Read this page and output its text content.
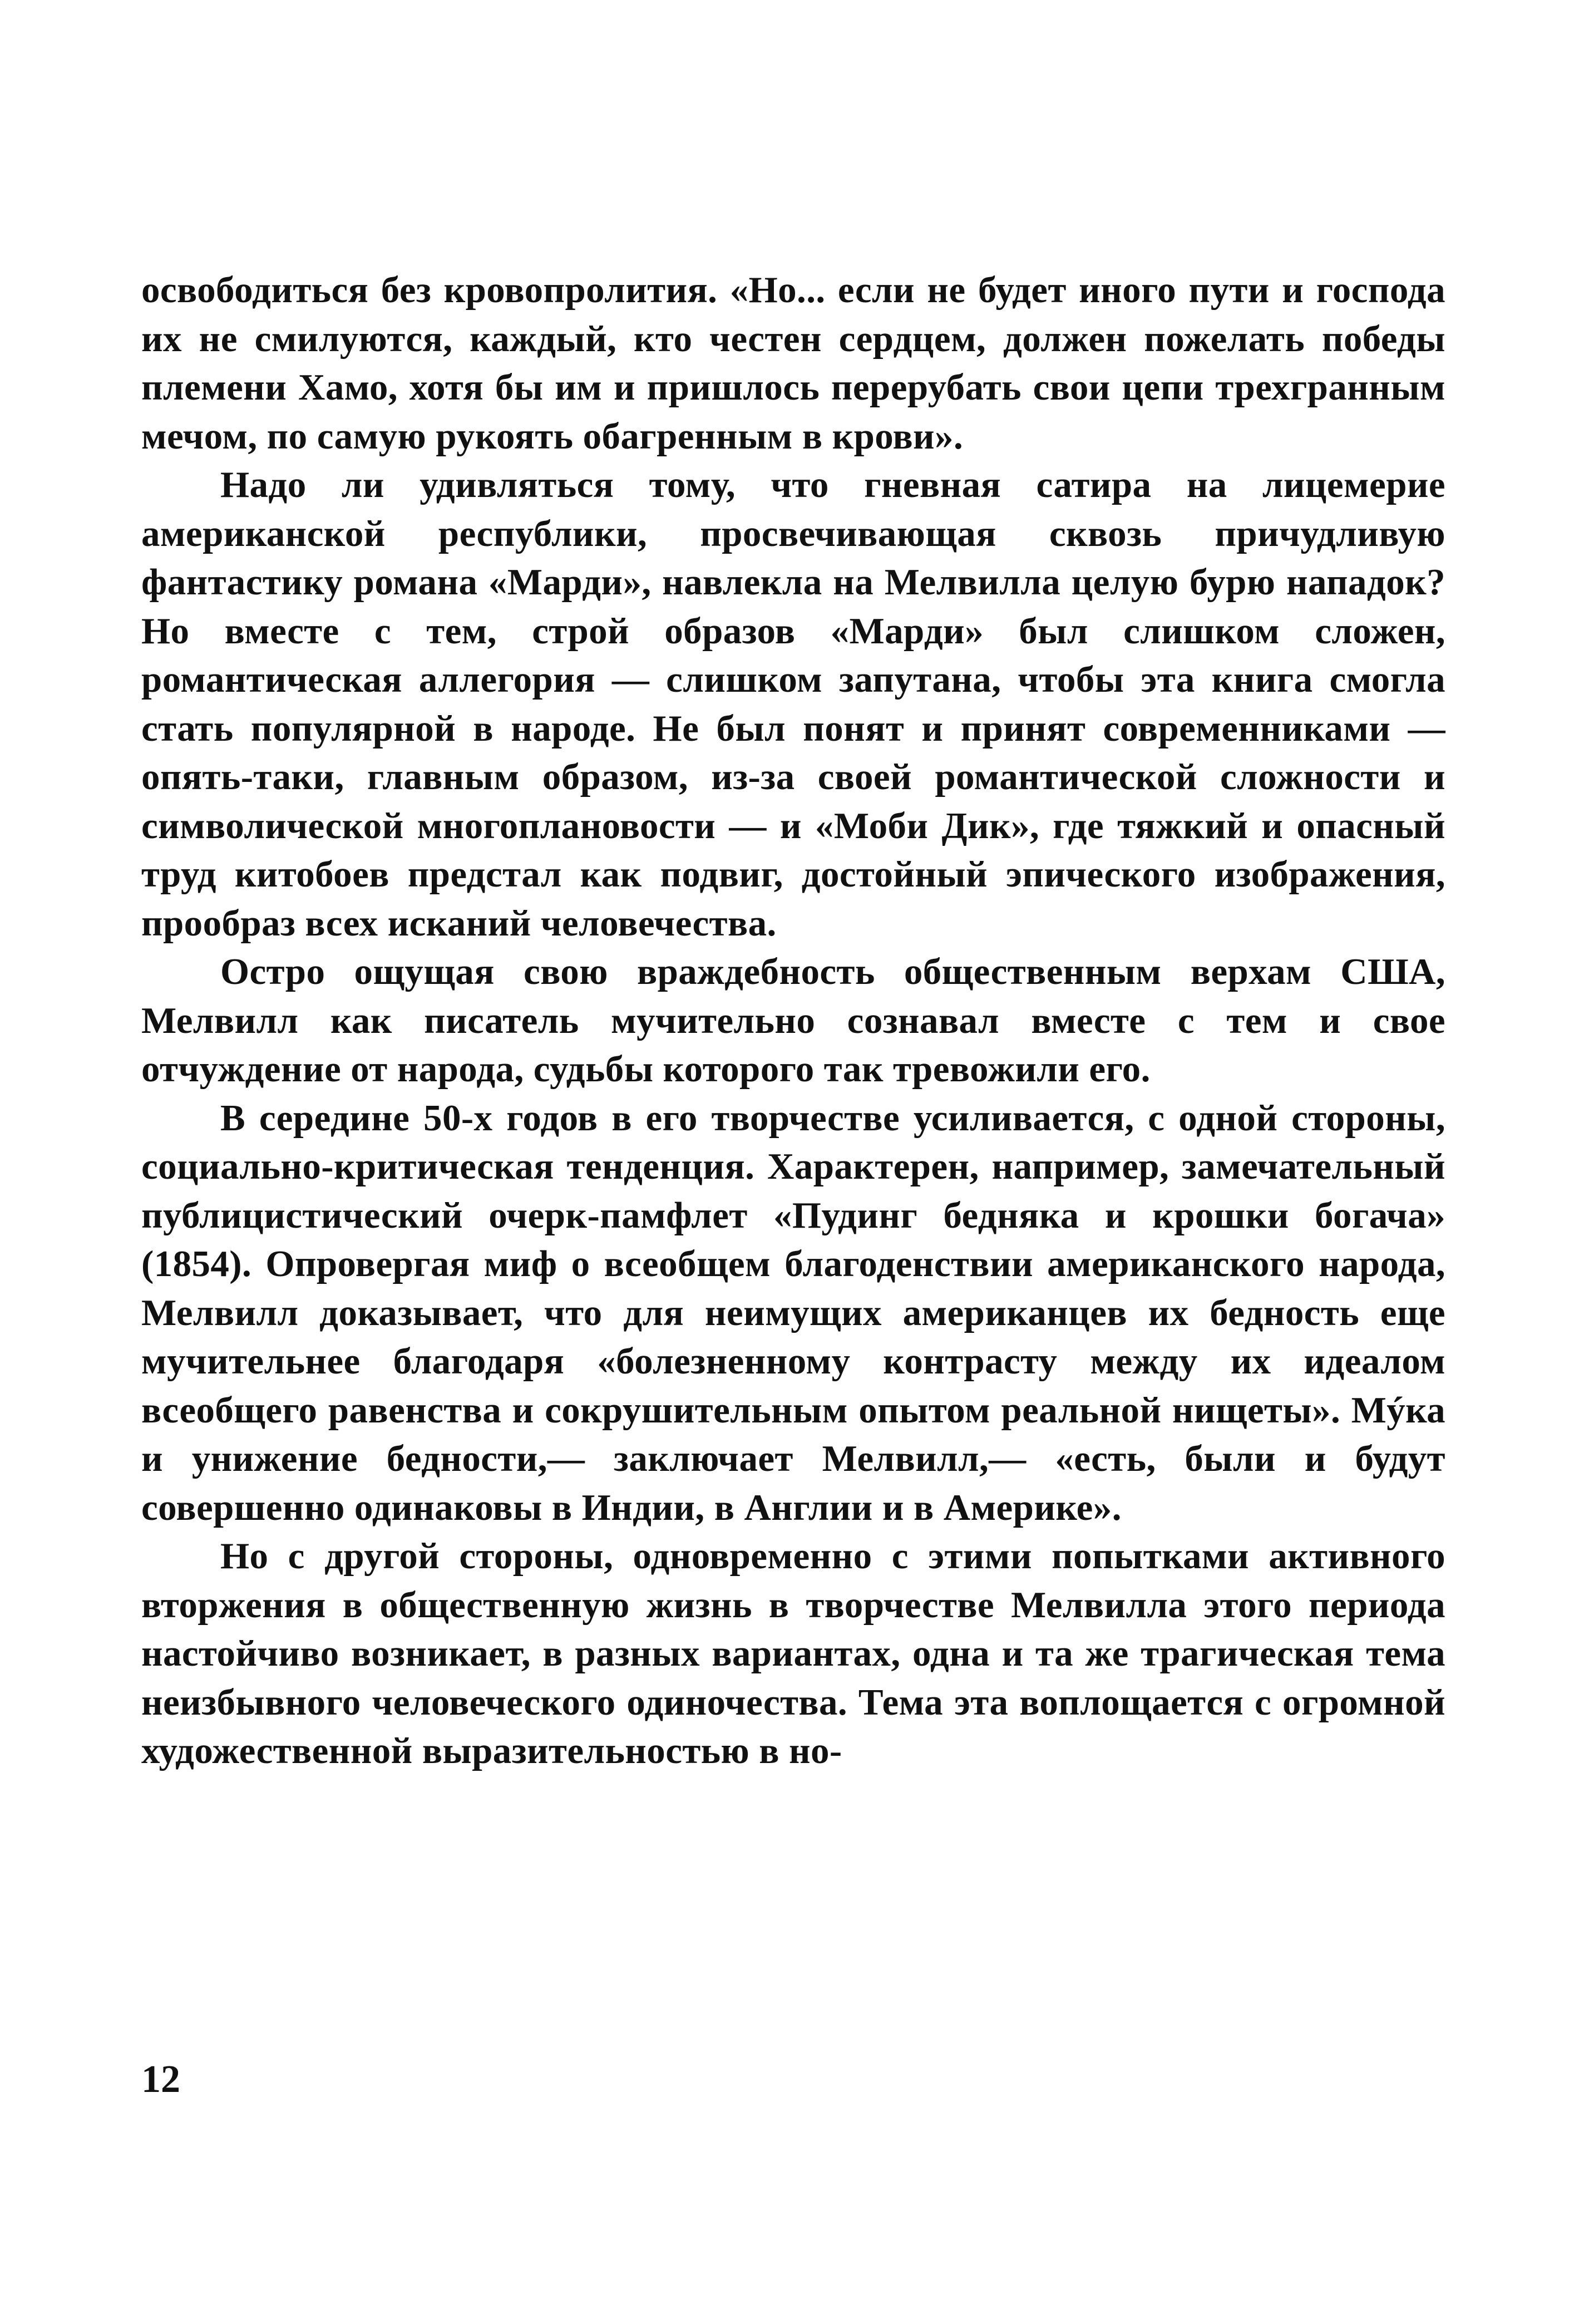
освободиться без кровопролития. «Но... если не будет иного пути и господа их не смилуются, каждый, кто честен сердцем, должен пожелать победы племени Хамо, хотя бы им и пришлось перерубать свои цепи трехгранным мечом, по самую рукоять обагренным в крови».

Надо ли удивляться тому, что гневная сатира на лицемерие американской республики, просвечивающая сквозь причудливую фантастику романа «Марди», навлекла на Мелвилла целую бурю нападок? Но вместе с тем, строй образов «Марди» был слишком сложен, романтическая аллегория — слишком запутана, чтобы эта книга смогла стать популярной в народе. Не был понят и принят современниками — опять-таки, главным образом, из-за своей романтической сложности и символической многоплановости — и «Моби Дик», где тяжкий и опасный труд китобоев предстал как подвиг, достойный эпического изображения, прообраз всех исканий человечества.

Остро ощущая свою враждебность общественным верхам США, Мелвилл как писатель мучительно сознавал вместе с тем и свое отчуждение от народа, судьбы которого так тревожили его.

В середине 50-х годов в его творчестве усиливается, с одной стороны, социально-критическая тенденция. Характерен, например, замечательный публицистический очерк-памфлет «Пудинг бедняка и крошки богача» (1854). Опровергая миф о всеобщем благоденствии американского народа, Мелвилл доказывает, что для неимущих американцев их бедность еще мучительнее благодаря «болезненному контрасту между их идеалом всеобщего равенства и сокрушительным опытом реальной нищеты». Мýка и унижение бедности,— заключает Мелвилл,— «есть, были и будут совершенно одинаковы в Индии, в Англии и в Америке».

Но с другой стороны, одновременно с этими попытками активного вторжения в общественную жизнь в творчестве Мелвилла этого периода настойчиво возникает, в разных вариантах, одна и та же трагическая тема неизбывного человеческого одиночества. Тема эта воплощается с огромной художественной выразительностью в но-

12
